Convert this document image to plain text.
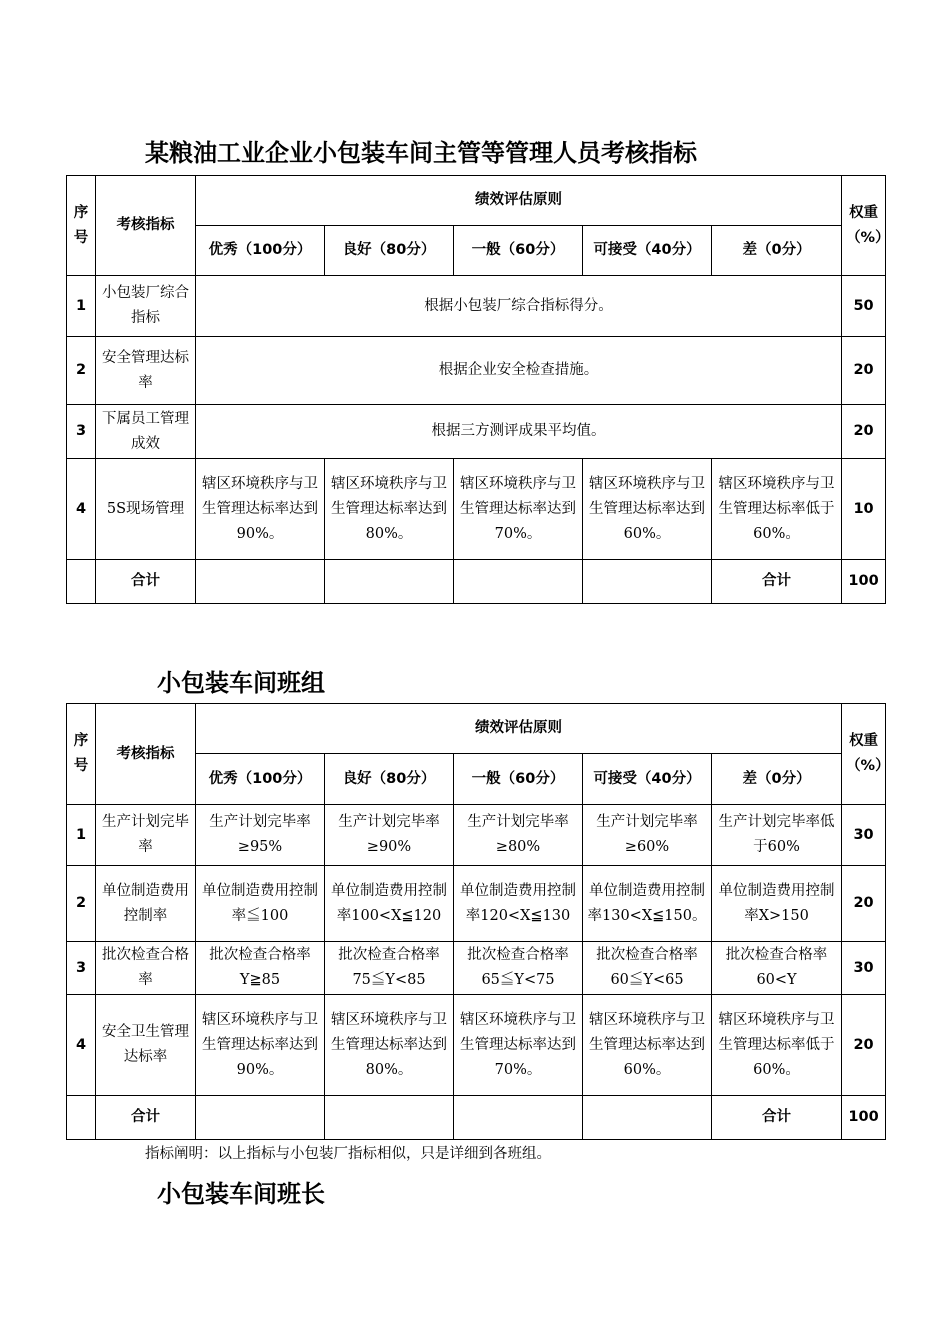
某粮油工业企业小包装车间主管等管理人员考核指标
序号	考核指标	绩效评估原则					权重（%）
		优秀（100分）	良好（80分）	一般（60分）	可接受（40分）	差（0分）	
1	小包装厂综合指标	根据小包装厂综合指标得分。					50
2	安全管理达标率	根据企业安全检查措施。					20
3	下属员工管理成效	根据三方测评成果平均值。					20
4	5S现场管理	辖区环境秩序与卫生管理达标率达到90%。	辖区环境秩序与卫生管理达标率达到80%。	辖区环境秩序与卫生管理达标率达到70%。	辖区环境秩序与卫生管理达标率达到60%。	辖区环境秩序与卫生管理达标率低于60%。	10
	合计					合计	100
小包装车间班组
序号	考核指标	绩效评估原则					权重（%）
		优秀（100分）	良好（80分）	一般（60分）	可接受（40分）	差（0分）	
1	生产计划完毕率	生产计划完毕率≥95%	生产计划完毕率≥90%	生产计划完毕率≥80%	生产计划完毕率≥60%	生产计划完毕率低于60%	30
2	单位制造费用控制率	单位制造费用控制率≦100	单位制造费用控制率100<X≦120	单位制造费用控制率120<X≦130	单位制造费用控制率130<X≦150。	单位制造费用控制率X>150	20
3	批次检查合格率	批次检查合格率Y≧85	批次检查合格率75≦Y<85	批次检查合格率65≦Y<75	批次检查合格率60≦Y<65	批次检查合格率60<Y	30
4	安全卫生管理达标率	辖区环境秩序与卫生管理达标率达到90%。	辖区环境秩序与卫生管理达标率达到80%。	辖区环境秩序与卫生管理达标率达到70%。	辖区环境秩序与卫生管理达标率达到60%。	辖区环境秩序与卫生管理达标率低于60%。	20
	合计					合计	100
指标阐明：以上指标与小包装厂指标相似，只是详细到各班组。
小包装车间班长
